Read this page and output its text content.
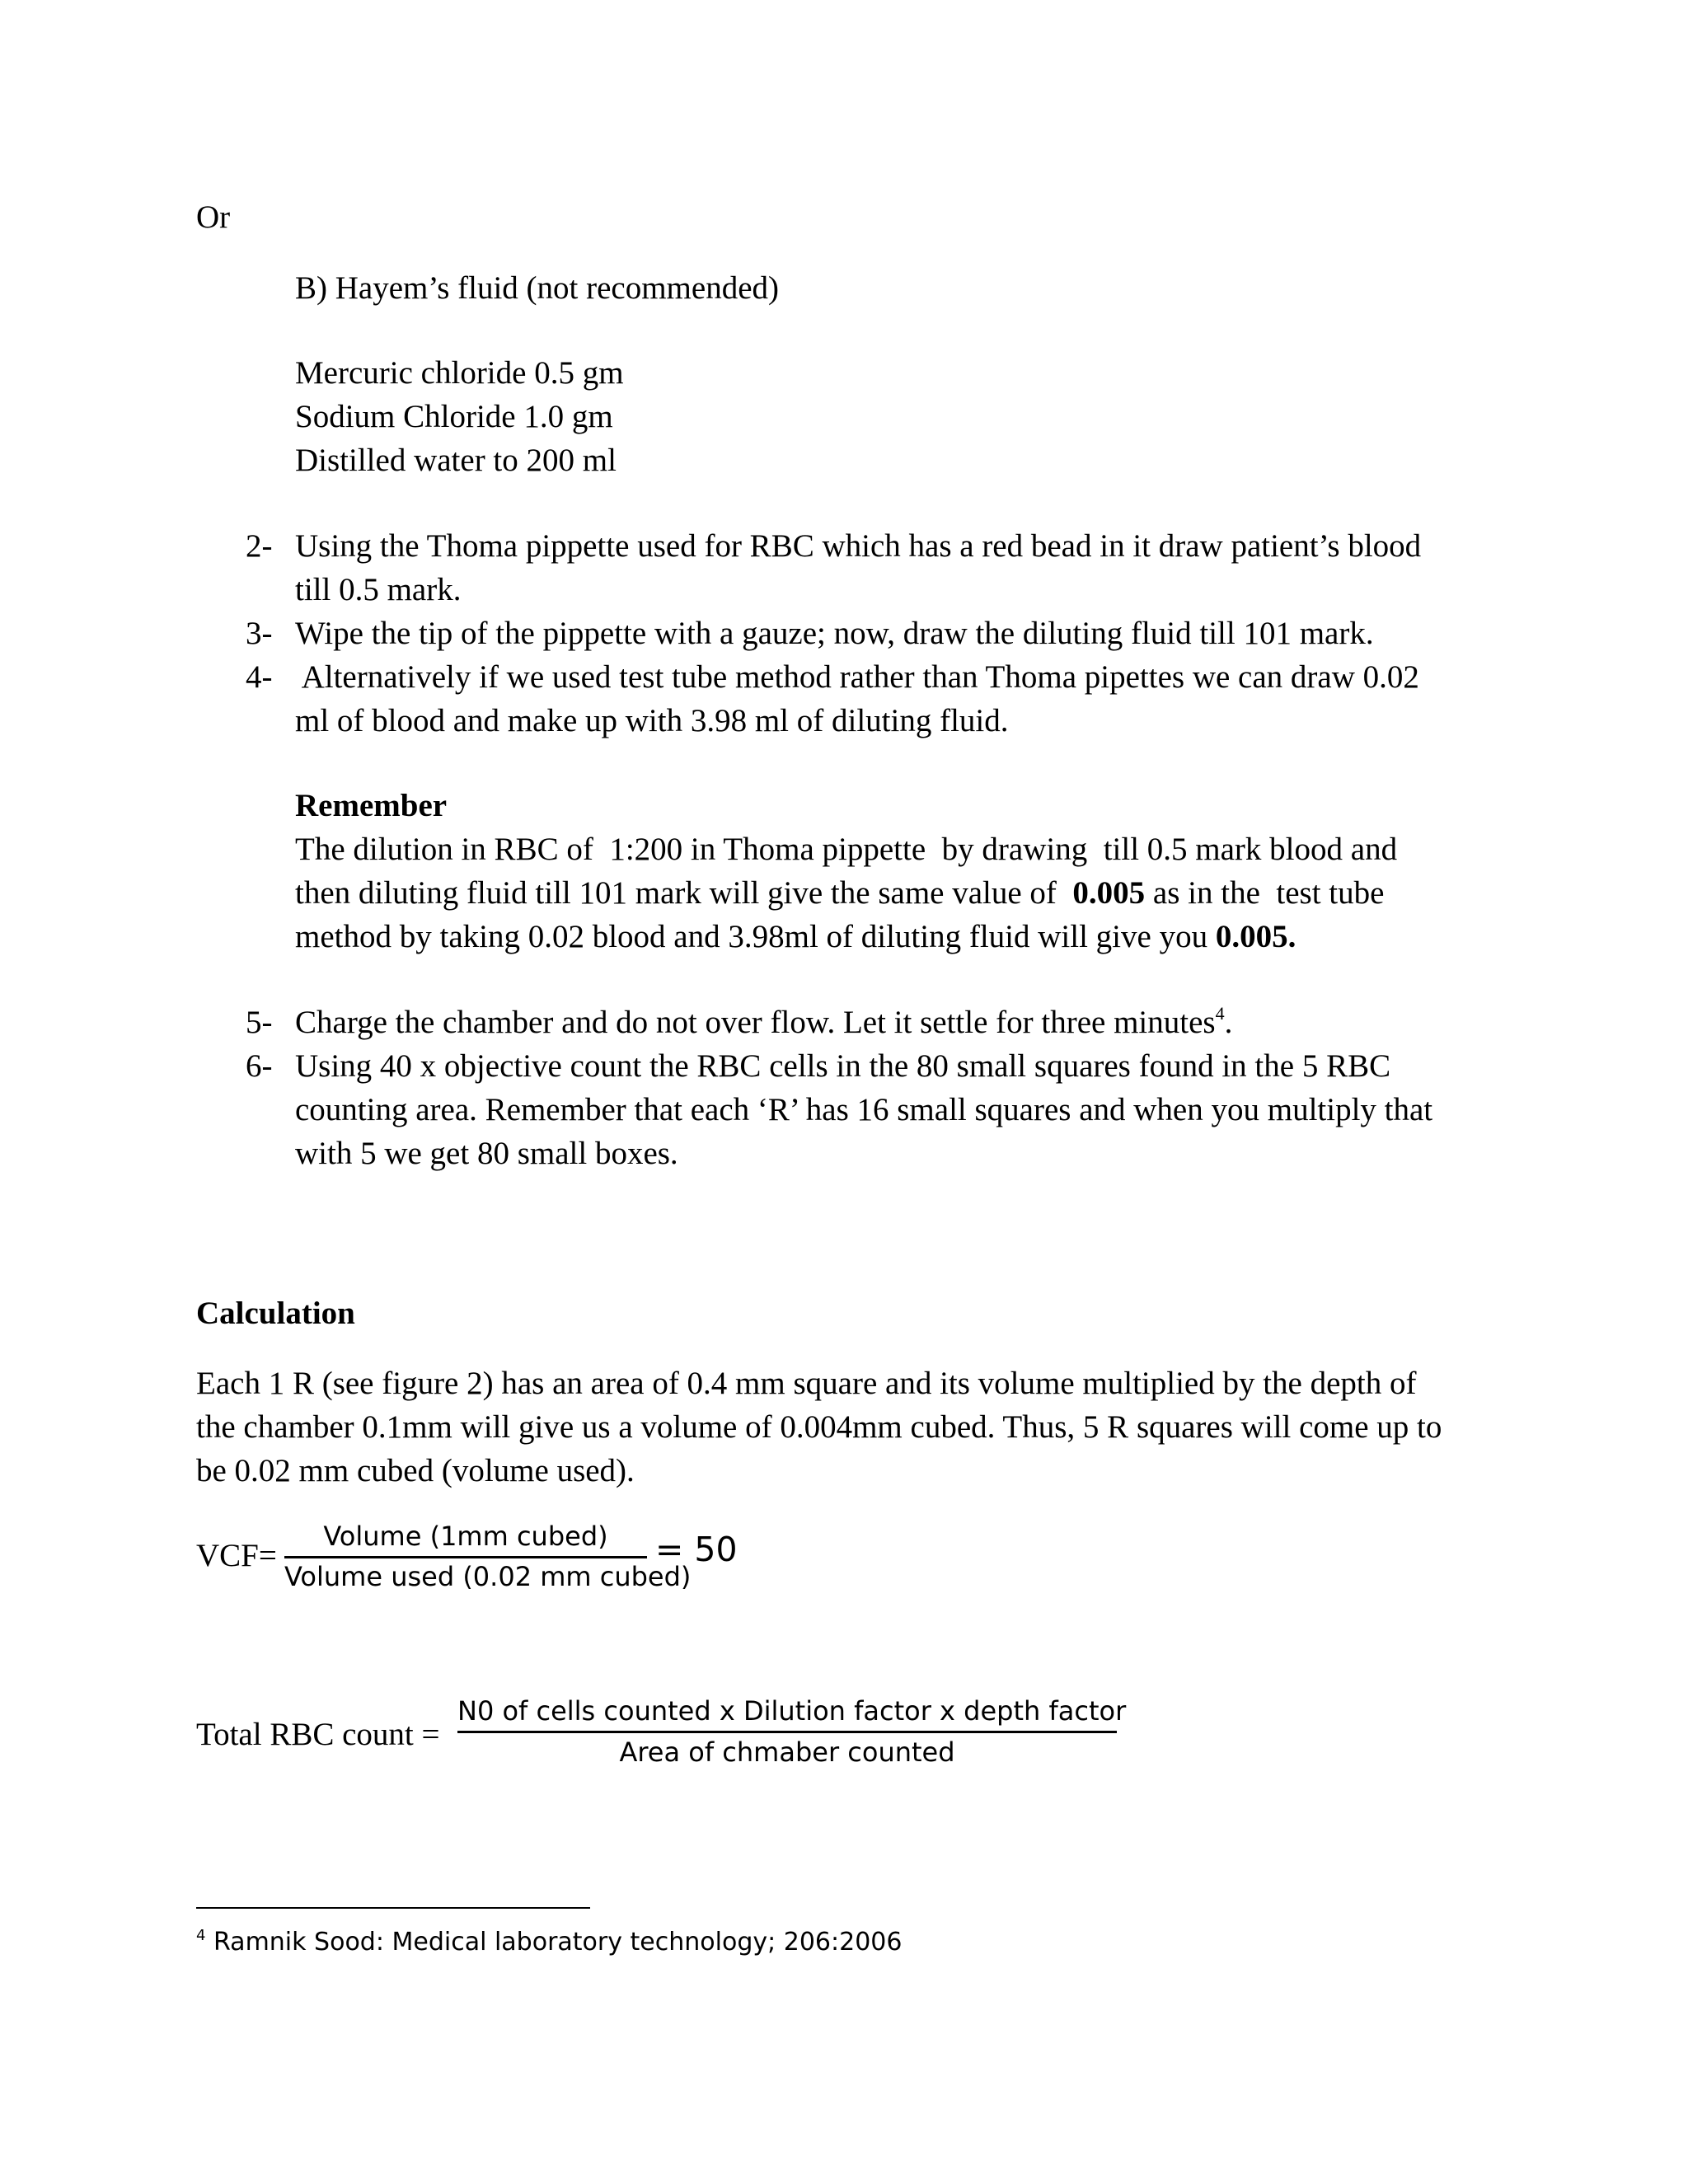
Or
B) Hayem’s fluid (not recommended)
Mercuric chloride 0.5 gm
Sodium Chloride 1.0 gm
Distilled water to 200 ml
2- Using the Thoma pippette used for RBC which has a red bead in it draw patient’s blood
till 0.5 mark.
3- Wipe the tip of the pippette with a gauze; now, draw the diluting fluid till 101 mark.
4- Alternatively if we used test tube method rather than Thoma pipettes we can draw 0.02
ml of blood and make up with 3.98 ml of diluting fluid.
Remember
The dilution in RBC of  1:200 in Thoma pippette  by drawing  till 0.5 mark blood and
then diluting fluid till 101 mark will give the same value of  0.005 as in the  test tube
method by taking 0.02 blood and 3.98ml of diluting fluid will give you 0.005.
5- Charge the chamber and do not over flow. Let it settle for three minutes$^4$.
6- Using 40 x objective count the RBC cells in the 80 small squares found in the 5 RBC
counting area. Remember that each ‘R’ has 16 small squares and when you multiply that
with 5 we get 80 small boxes.
Calculation
Each 1 R (see figure 2) has an area of 0.4 mm square and its volume multiplied by the depth of
the chamber 0.1mm will give us a volume of 0.004mm cubed. Thus, 5 R squares will come up to
be 0.02 mm cubed (volume used).
VCF=
Volume (1mm cubed)
Volume used (0.02 mm cubed)
= 50
Total RBC count =
N0 of cells counted x Dilution factor x depth factor
Area of chmaber counted
$^4$ Ramnik Sood: Medical laboratory technology; 206:2006
